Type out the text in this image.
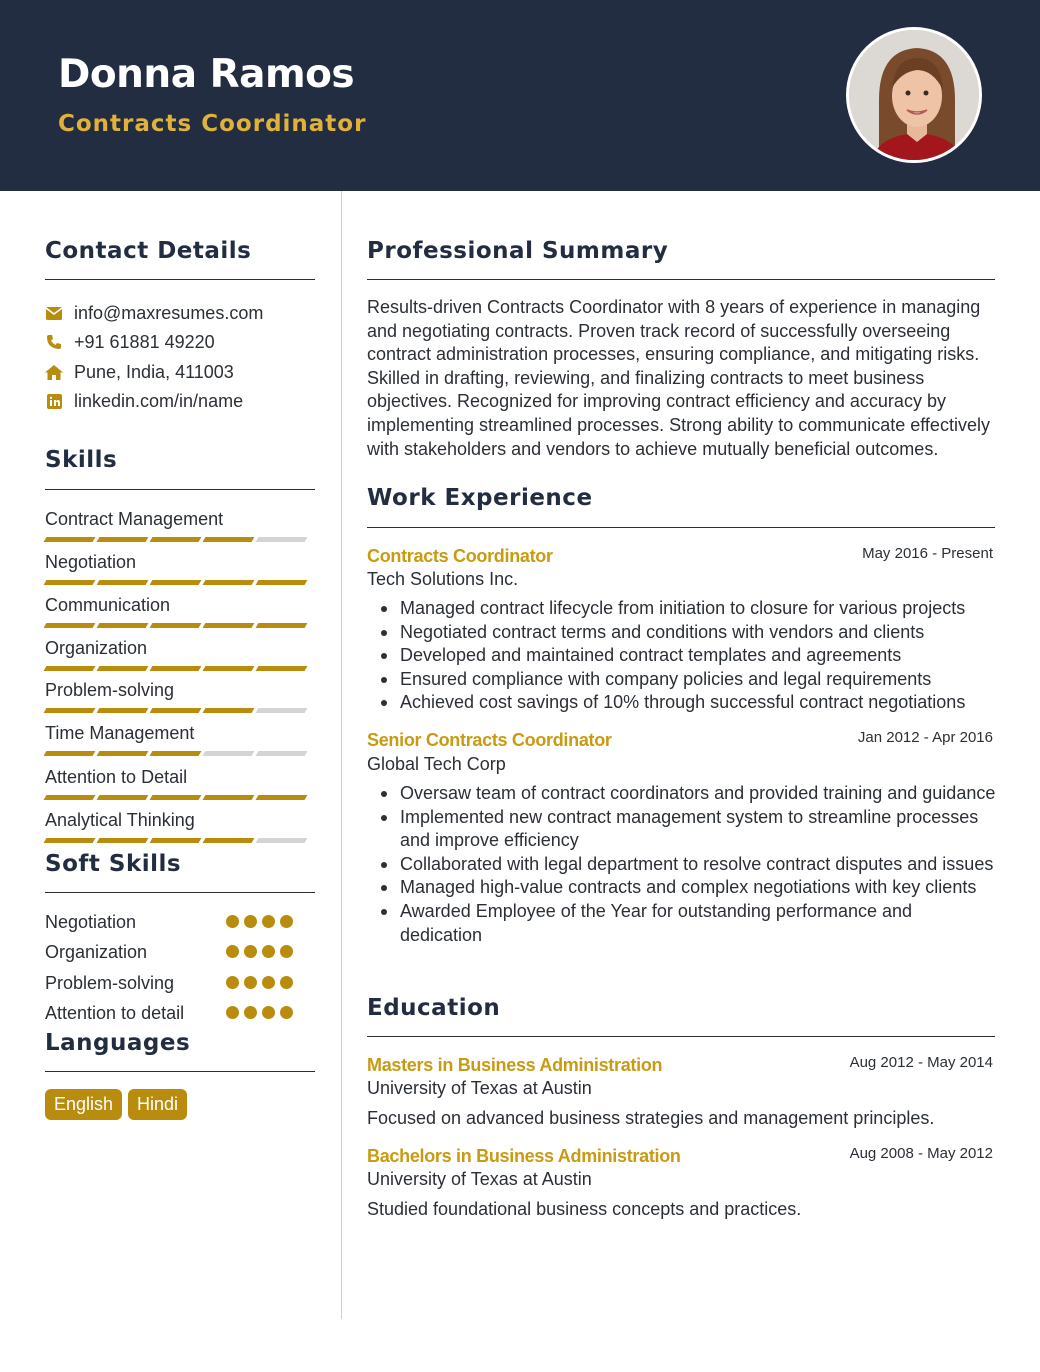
Donna Ramos
Contracts Coordinator
Contact Details
info@maxresumes.com
+91 61881 49220
Pune, India, 411003
linkedin.com/in/name
Skills
Contract Management
Negotiation
Communication
Organization
Problem-solving
Time Management
Attention to Detail
Analytical Thinking
Soft Skills
Negotiation
Organization
Problem-solving
Attention to detail
Languages
English	Hindi
Professional Summary
Results-driven Contracts Coordinator with 8 years of experience in managing and negotiating contracts. Proven track record of successfully overseeing contract administration processes, ensuring compliance, and mitigating risks. Skilled in drafting, reviewing, and finalizing contracts to meet business objectives. Recognized for improving contract efficiency and accuracy by implementing streamlined processes. Strong ability to communicate effectively with stakeholders and vendors to achieve mutually beneficial outcomes.
Work Experience
Contracts Coordinator	May 2016 - Present
Tech Solutions Inc.
Managed contract lifecycle from initiation to closure for various projects
Negotiated contract terms and conditions with vendors and clients
Developed and maintained contract templates and agreements
Ensured compliance with company policies and legal requirements
Achieved cost savings of 10% through successful contract negotiations
Senior Contracts Coordinator	Jan 2012 - Apr 2016
Global Tech Corp
Oversaw team of contract coordinators and provided training and guidance
Implemented new contract management system to streamline processes and improve efficiency
Collaborated with legal department to resolve contract disputes and issues
Managed high-value contracts and complex negotiations with key clients
Awarded Employee of the Year for outstanding performance and dedication
Education
Masters in Business Administration	Aug 2012 - May 2014
University of Texas at Austin
Focused on advanced business strategies and management principles.
Bachelors in Business Administration	Aug 2008 - May 2012
University of Texas at Austin
Studied foundational business concepts and practices.
